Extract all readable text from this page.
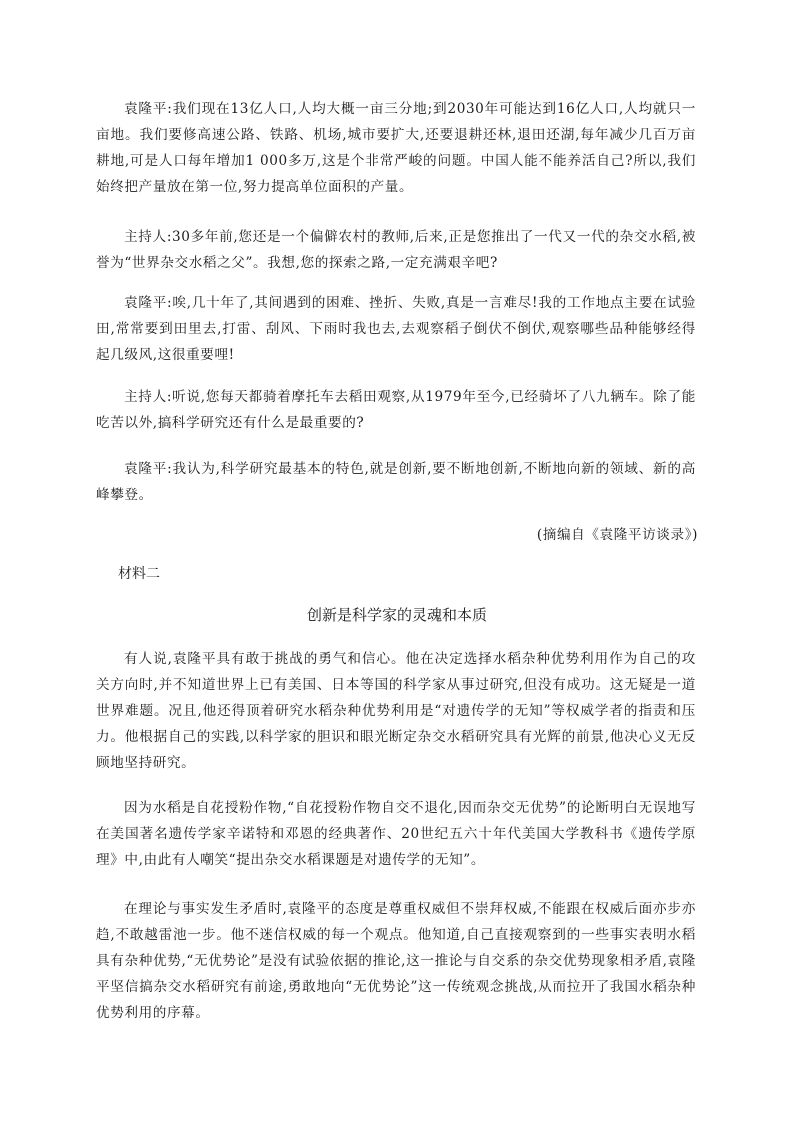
袁隆平:我们现在13亿人口,人均大概一亩三分地;到2030年可能达到16亿人口,人均就只一亩地。我们要修高速公路、铁路、机场,城市要扩大,还要退耕还林,退田还湖,每年减少几百万亩耕地,可是人口每年增加1 000多万,这是个非常严峻的问题。中国人能不能养活自己?所以,我们始终把产量放在第一位,努力提高单位面积的产量。

主持人:30多年前,您还是一个偏僻农村的教师,后来,正是您推出了一代又一代的杂交水稻,被誉为“世界杂交水稻之父”。我想,您的探索之路,一定充满艰辛吧?

袁隆平:唉,几十年了,其间遇到的困难、挫折、失败,真是一言难尽!我的工作地点主要在试验田,常常要到田里去,打雷、刮风、下雨时我也去,去观察稻子倒伏不倒伏,观察哪些品种能够经得起几级风,这很重要哩!

主持人:听说,您每天都骑着摩托车去稻田观察,从1979年至今,已经骑坏了八九辆车。除了能吃苦以外,搞科学研究还有什么是最重要的?

袁隆平:我认为,科学研究最基本的特色,就是创新,要不断地创新,不断地向新的领域、新的高峰攀登。

(摘编自《袁隆平访谈录》)

材料二

创新是科学家的灵魂和本质

有人说,袁隆平具有敢于挑战的勇气和信心。他在决定选择水稻杂种优势利用作为自己的攻关方向时,并不知道世界上已有美国、日本等国的科学家从事过研究,但没有成功。这无疑是一道世界难题。况且,他还得顶着研究水稻杂种优势利用是“对遗传学的无知”等权威学者的指责和压力。他根据自己的实践,以科学家的胆识和眼光断定杂交水稻研究具有光辉的前景,他决心义无反顾地坚持研究。

因为水稻是自花授粉作物,“自花授粉作物自交不退化,因而杂交无优势”的论断明白无误地写在美国著名遗传学家辛诺特和邓恩的经典著作、20世纪五六十年代美国大学教科书《遗传学原理》中,由此有人嘲笑“提出杂交水稻课题是对遗传学的无知”。

在理论与事实发生矛盾时,袁隆平的态度是尊重权威但不崇拜权威,不能跟在权威后面亦步亦趋,不敢越雷池一步。他不迷信权威的每一个观点。他知道,自己直接观察到的一些事实表明水稻具有杂种优势,“无优势论”是没有试验依据的推论,这一推论与自交系的杂交优势现象相矛盾,袁隆平坚信搞杂交水稻研究有前途,勇敢地向“无优势论”这一传统观念挑战,从而拉开了我国水稻杂种优势利用的序幕。
